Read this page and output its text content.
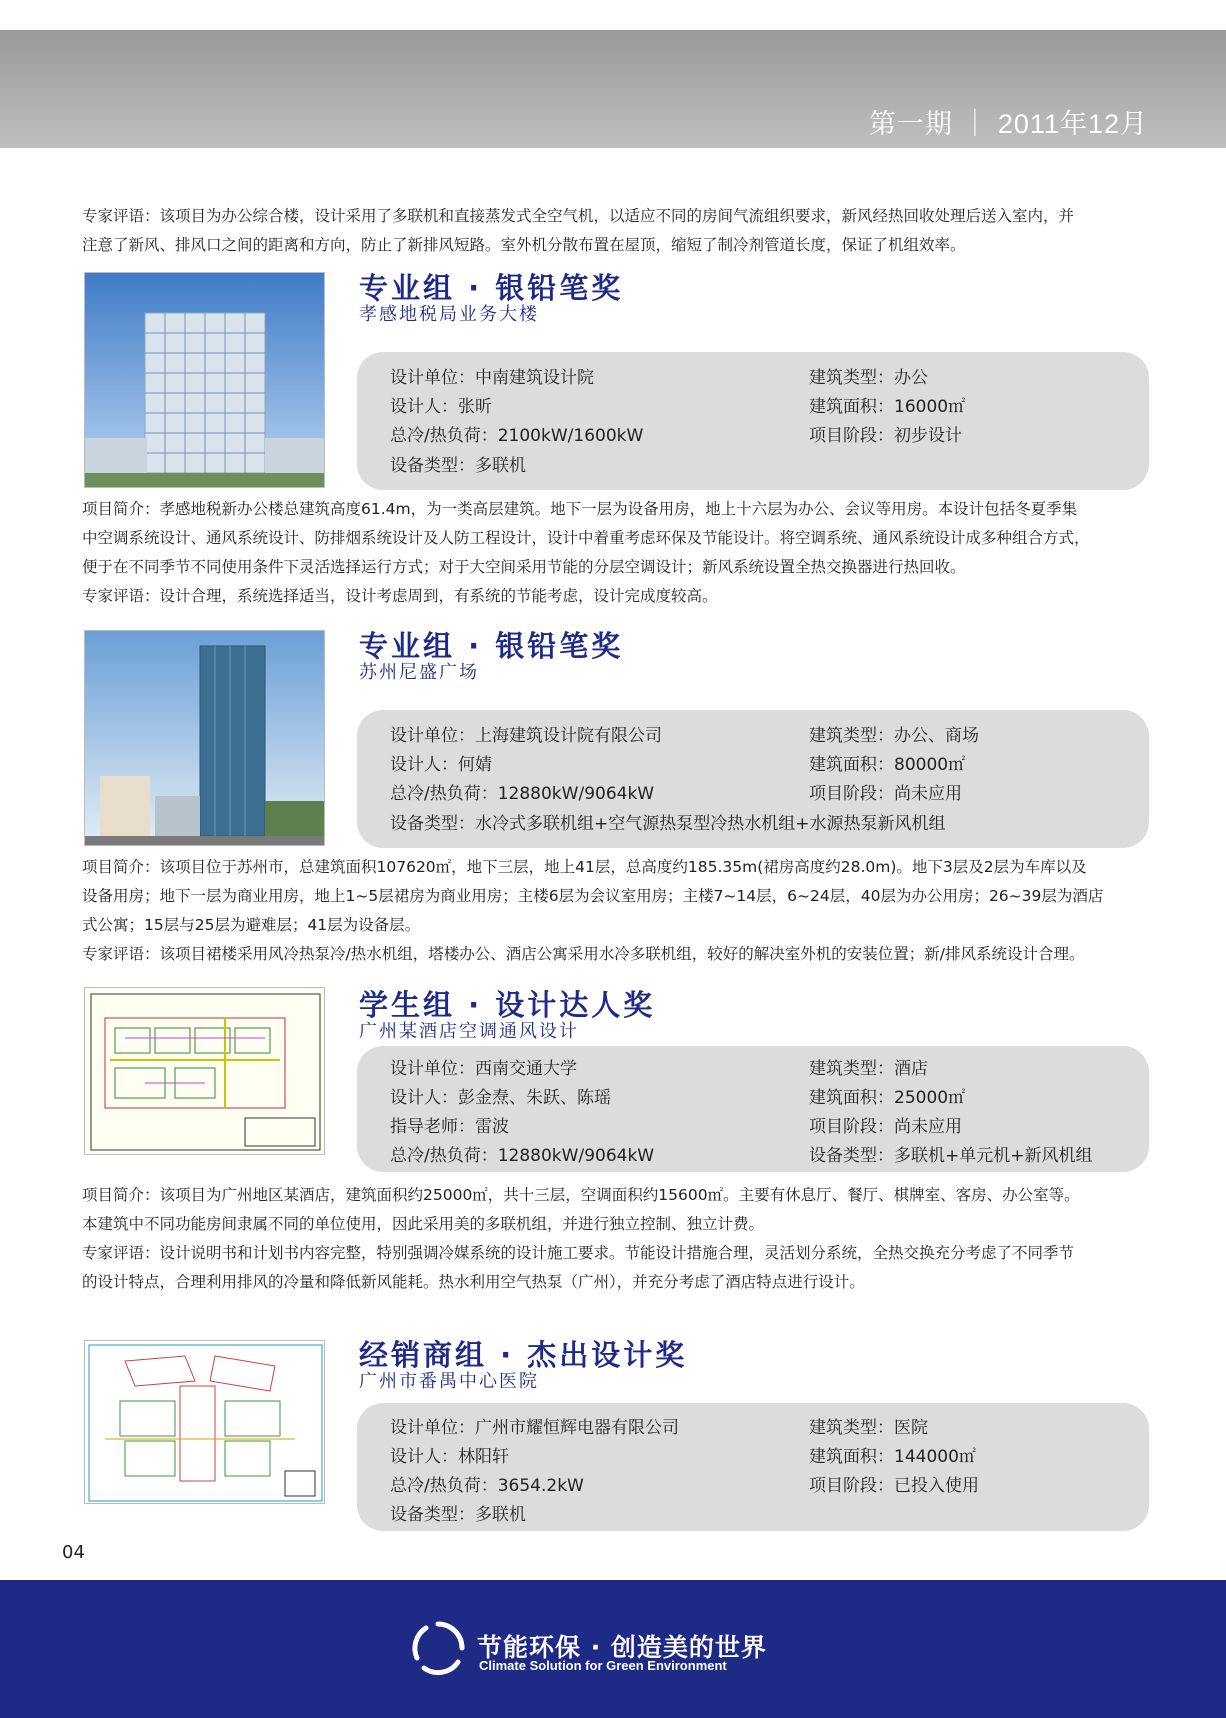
第一期 ｜ 2011年12月
专家评语：该项目为办公综合楼，设计采用了多联机和直接蒸发式全空气机，以适应不同的房间气流组织要求，新风经热回收处理后送入室内，并
注意了新风、排风口之间的距离和方向，防止了新排风短路。室外机分散布置在屋顶，缩短了制冷剂管道长度，保证了机组效率。
专业组 · 银铅笔奖
孝感地税局业务大楼
设计单位：中南建筑设计院
设计人：张昕
总冷/热负荷：2100kW/1600kW
设备类型：多联机
建筑类型：办公
建筑面积：16000㎡
项目阶段：初步设计
项目简介：孝感地税新办公楼总建筑高度61.4m，为一类高层建筑。地下一层为设备用房，地上十六层为办公、会议等用房。本设计包括冬夏季集
中空调系统设计、通风系统设计、防排烟系统设计及人防工程设计，设计中着重考虑环保及节能设计。将空调系统、通风系统设计成多种组合方式，
便于在不同季节不同使用条件下灵活选择运行方式；对于大空间采用节能的分层空调设计；新风系统设置全热交换器进行热回收。
专家评语：设计合理，系统选择适当，设计考虑周到，有系统的节能考虑，设计完成度较高。
专业组 · 银铅笔奖
苏州尼盛广场
设计单位：上海建筑设计院有限公司
设计人：何婧
总冷/热负荷：12880kW/9064kW
设备类型：水冷式多联机组+空气源热泵型冷热水机组+水源热泵新风机组
建筑类型：办公、商场
建筑面积：80000㎡
项目阶段：尚未应用
项目简介：该项目位于苏州市，总建筑面积107620㎡，地下三层，地上41层，总高度约185.35m(裙房高度约28.0m)。地下3层及2层为车库以及
设备用房；地下一层为商业用房，地上1~5层裙房为商业用房；主楼6层为会议室用房；主楼7~14层，6~24层，40层为办公用房；26~39层为酒店
式公寓；15层与25层为避难层；41层为设备层。
专家评语：该项目裙楼采用风冷热泵冷/热水机组，塔楼办公、酒店公寓采用水冷多联机组，较好的解决室外机的安装位置；新/排风系统设计合理。
学生组 · 设计达人奖
广州某酒店空调通风设计
设计单位：西南交通大学
设计人：彭金焘、朱跃、陈瑶
指导老师：雷波
总冷/热负荷：12880kW/9064kW
建筑类型：酒店
建筑面积：25000㎡
项目阶段：尚未应用
设备类型：多联机+单元机+新风机组
项目简介：该项目为广州地区某酒店，建筑面积约25000㎡，共十三层，空调面积约15600㎡。主要有休息厅、餐厅、棋牌室、客房、办公室等。
本建筑中不同功能房间隶属不同的单位使用，因此采用美的多联机组，并进行独立控制、独立计费。
专家评语：设计说明书和计划书内容完整，特别强调冷媒系统的设计施工要求。节能设计措施合理，灵活划分系统，全热交换充分考虑了不同季节
的设计特点，合理利用排风的冷量和降低新风能耗。热水利用空气热泵（广州），并充分考虑了酒店特点进行设计。
经销商组 · 杰出设计奖
广州市番禺中心医院
设计单位：广州市耀恒辉电器有限公司
设计人：林阳轩
总冷/热负荷：3654.2kW
设备类型：多联机
建筑类型：医院
建筑面积：144000㎡
项目阶段：已投入使用
04
节能环保 · 创造美的世界
Climate Solution for Green Environment
